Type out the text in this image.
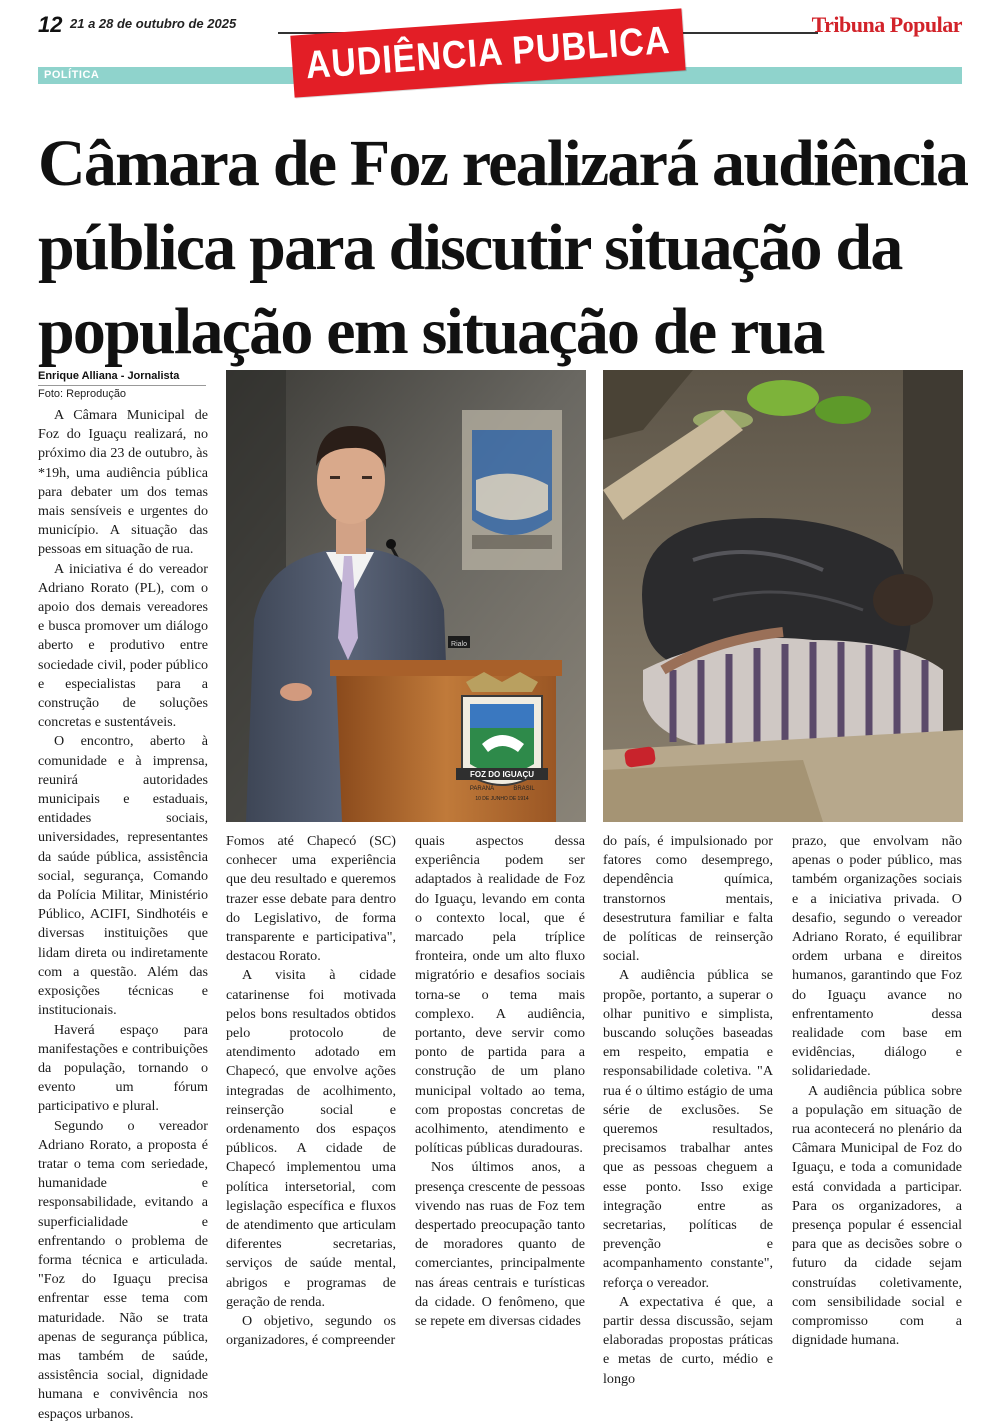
12 21 a 28 de outubro de 2025	Tribuna Popular
POLÍTICA	AUDIÊNCIA PUBLICA
Câmara de Foz realizará audiência pública para discutir situação da população em situação de rua
Enrique Alliana - Jornalista
Foto: Reprodução

A Câmara Municipal de Foz do Iguaçu realizará, no próximo dia 23 de outubro, às *19h, uma audiência pública para debater um dos temas mais sensíveis e urgentes do município. A situação das pessoas em situação de rua.

A iniciativa é do vereador Adriano Rorato (PL), com o apoio dos demais vereadores e busca promover um diálogo aberto e produtivo entre sociedade civil, poder público e especialistas para a construção de soluções concretas e sustentáveis.

O encontro, aberto à comunidade e à imprensa, reunirá autoridades municipais e estaduais, entidades sociais, universidades, representantes da saúde pública, assistência social, segurança, Comando da Polícia Militar, Ministério Público, ACIFI, Sindhotéis e diversas instituições que lidam direta ou indiretamente com a questão. Além das exposições técnicas e institucionais.

Haverá espaço para manifestações e contribuições da população, tornando o evento um fórum participativo e plural.

Segundo o vereador Adriano Rorato, a proposta é tratar o tema com seriedade, humanidade e responsabilidade, evitando a superficialidade e enfrentando o problema de forma técnica e articulada. "Foz do Iguaçu precisa enfrentar esse tema com maturidade. Não se trata apenas de segurança pública, mas também de saúde, assistência social, dignidade humana e convivência nos espaços urbanos.

Rialo
FOZ DO IGUAÇU
PARANÁ	BRASIL
10 DE JUNHO DE 1914

Fomos até Chapecó (SC) conhecer uma experiência que deu resultado e queremos trazer esse debate para dentro do Legislativo, de forma transparente e participativa", destacou Rorato.

A visita à cidade catarinense foi motivada pelos bons resultados obtidos pelo protocolo de atendimento adotado em Chapecó, que envolve ações integradas de acolhimento, reinserção social e ordenamento dos espaços públicos. A cidade de Chapecó implementou uma política intersetorial, com legislação específica e fluxos de atendimento que articulam diferentes secretarias, serviços de saúde mental, abrigos e programas de geração de renda.

O objetivo, segundo os organizadores, é compreender

quais aspectos dessa experiência podem ser adaptados à realidade de Foz do Iguaçu, levando em conta o contexto local, que é marcado pela tríplice fronteira, onde um alto fluxo migratório e desafios sociais torna-se o tema mais complexo. A audiência, portanto, deve servir como ponto de partida para a construção de um plano municipal voltado ao tema, com propostas concretas de acolhimento, atendimento e políticas públicas duradouras.

Nos últimos anos, a presença crescente de pessoas vivendo nas ruas de Foz tem despertado preocupação tanto de moradores quanto de comerciantes, principalmente nas áreas centrais e turísticas da cidade. O fenômeno, que se repete em diversas cidades

do país, é impulsionado por fatores como desemprego, dependência química, transtornos mentais, desestrutura familiar e falta de políticas de reinserção social.

A audiência pública se propõe, portanto, a superar o olhar punitivo e simplista, buscando soluções baseadas em respeito, empatia e responsabilidade coletiva. "A rua é o último estágio de uma série de exclusões. Se queremos resultados, precisamos trabalhar antes que as pessoas cheguem a esse ponto. Isso exige integração entre as secretarias, políticas de prevenção e acompanhamento constante", reforça o vereador.

A expectativa é que, a partir dessa discussão, sejam elaboradas propostas práticas e metas de curto, médio e longo

prazo, que envolvam não apenas o poder público, mas também organizações sociais e a iniciativa privada. O desafio, segundo o vereador Adriano Rorato, é equilibrar ordem urbana e direitos humanos, garantindo que Foz do Iguaçu avance no enfrentamento dessa realidade com base em evidências, diálogo e solidariedade.

A audiência pública sobre a população em situação de rua acontecerá no plenário da Câmara Municipal de Foz do Iguaçu, e toda a comunidade está convidada a participar. Para os organizadores, a presença popular é essencial para que as decisões sobre o futuro da cidade sejam construídas coletivamente, com sensibilidade social e compromisso com a dignidade humana.
